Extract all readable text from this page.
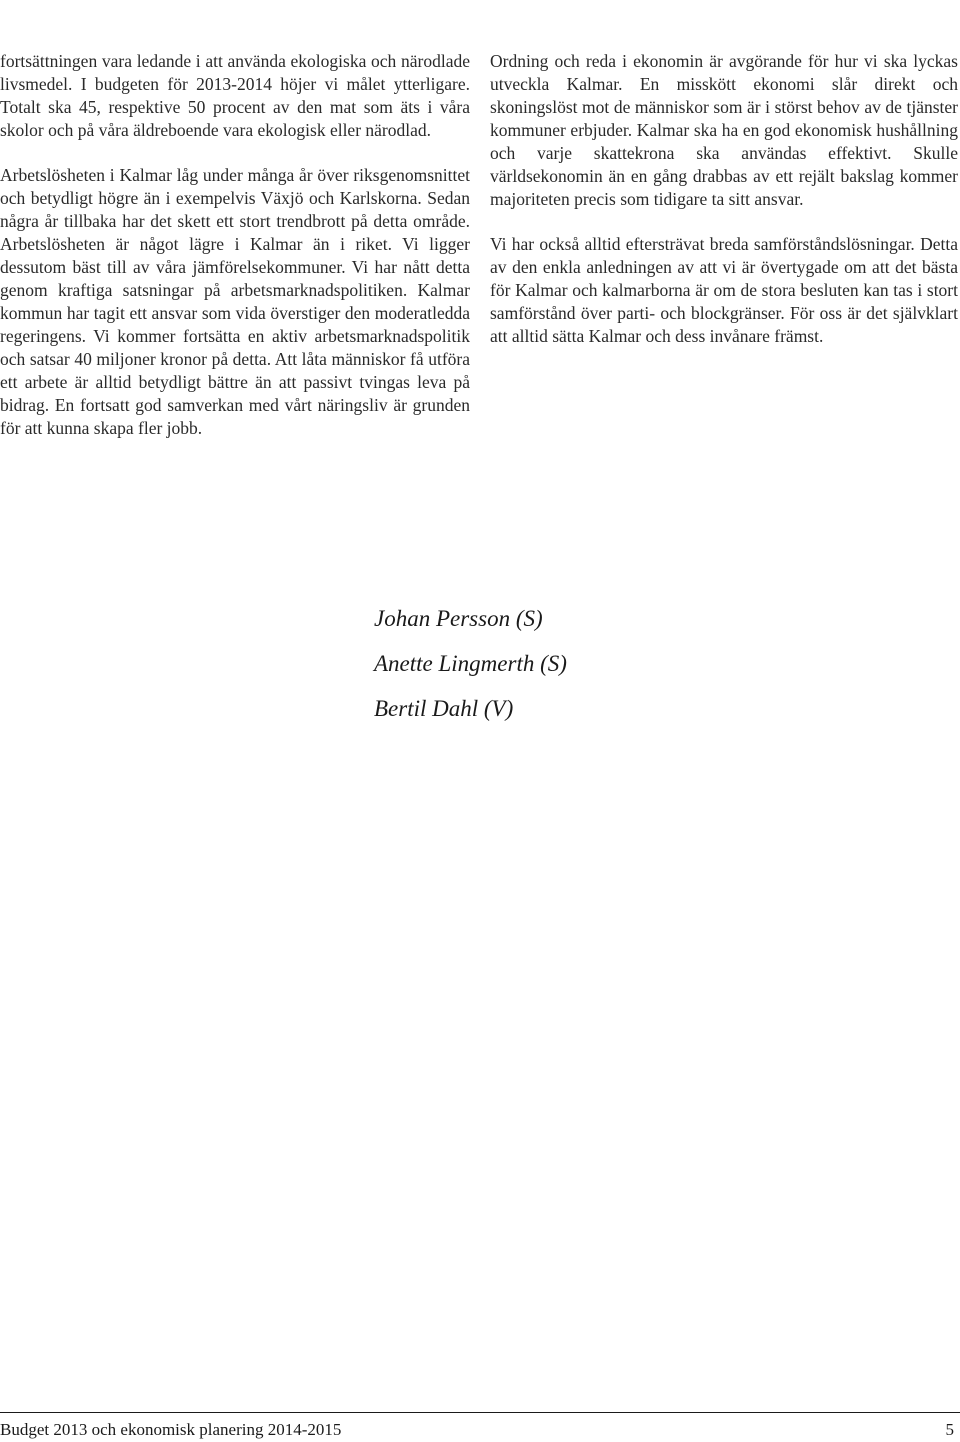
fortsättningen vara ledande i att använda ekologiska och närodlade livsmedel. I budgeten för 2013-2014 höjer vi målet ytterligare. Totalt ska 45, respektive 50 procent av den mat som äts i våra skolor och på våra äldreboende vara ekologisk eller närodlad.

Arbetslösheten i Kalmar låg under många år över riksgenomsnittet och betydligt högre än i exempelvis Växjö och Karlskorna. Sedan några år tillbaka har det skett ett stort trendbrott på detta område. Arbetslösheten är något lägre i Kalmar än i riket. Vi ligger dessutom bäst till av våra jämförelsekommuner. Vi har nått detta genom kraftiga satsningar på arbetsmarknadspolitiken. Kalmar kommun har tagit ett ansvar som vida överstiger den moderatledda regeringens. Vi kommer fortsätta en aktiv arbetsmarknadspolitik och satsar 40 miljoner kronor på detta. Att låta människor få utföra ett arbete är alltid betydligt bättre än att passivt tvingas leva på bidrag. En fortsatt god samverkan med vårt näringsliv är grunden för att kunna skapa fler jobb.

Ordning och reda i ekonomin är avgörande för hur vi ska lyckas utveckla Kalmar. En misskött ekonomi slår direkt och skoningslöst mot de människor som är i störst behov av de tjänster kommuner erbjuder. Kalmar ska ha en god ekonomisk hushållning och varje skattekrona ska användas effektivt. Skulle världsekonomin än en gång drabbas av ett rejält bakslag kommer majoriteten precis som tidigare ta sitt ansvar.

Vi har också alltid eftersträvat breda samförståndslösningar. Detta av den enkla anledningen av att vi är övertygade om att det bästa för Kalmar och kalmarborna är om de stora besluten kan tas i stort samförstånd över parti- och blockgränser. För oss är det självklart att alltid sätta Kalmar och dess invånare främst.

Johan Persson (S)
Anette Lingmerth (S)
Bertil Dahl (V)
Budget 2013 och ekonomisk planering 2014-2015	5
